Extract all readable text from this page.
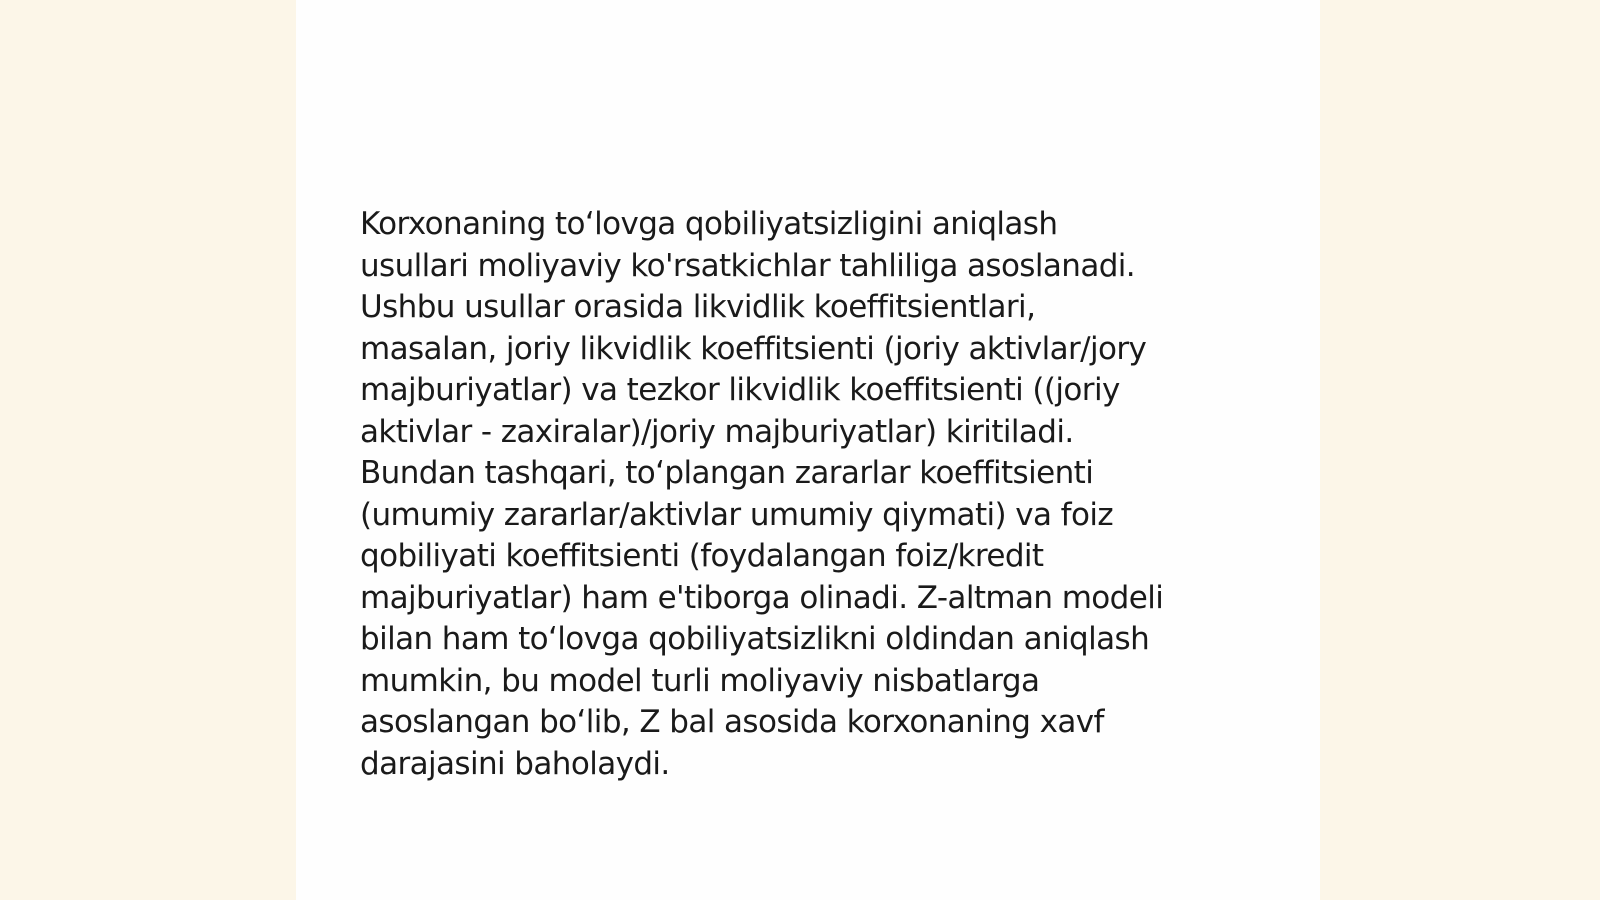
Korxonaning to‘lovga qobiliyatsizligini aniqlash
usullari moliyaviy ko'rsatkichlar tahliliga asoslanadi.
Ushbu usullar orasida likvidlik koeffitsientlari,
masalan, joriy likvidlik koeffitsienti (joriy aktivlar/jory
majburiyatlar) va tezkor likvidlik koeffitsienti ((joriy
aktivlar - zaxiralar)/joriy majburiyatlar) kiritiladi.
Bundan tashqari, to‘plangan zararlar koeffitsienti
(umumiy zararlar/aktivlar umumiy qiymati) va foiz
qobiliyati koeffitsienti (foydalangan foiz/kredit
majburiyatlar) ham e'tiborga olinadi. Z-altman modeli
bilan ham to‘lovga qobiliyatsizlikni oldindan aniqlash
mumkin, bu model turli moliyaviy nisbatlarga
asoslangan bo‘lib, Z bal asosida korxonaning xavf
darajasini baholaydi.
